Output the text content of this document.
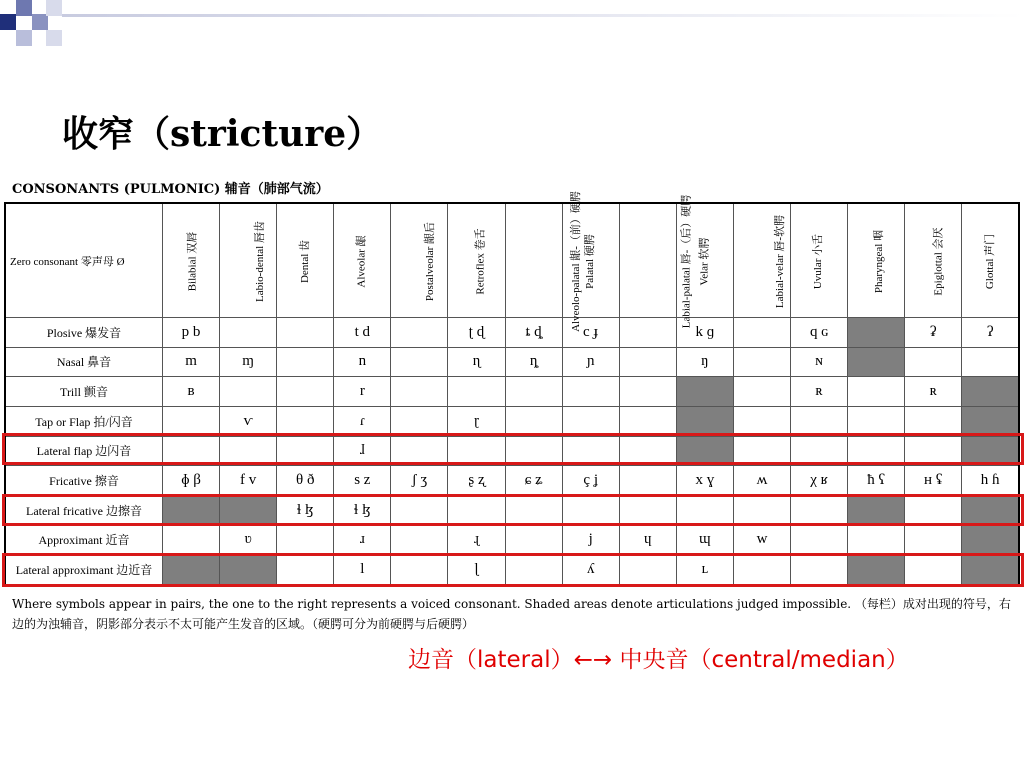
收窄（stricture）
CONSONANTS (PULMONIC) 辅音（肺部气流）
Zero consonant 零声母 Ø	Bilabial 双唇	Labio-dental 唇齿	Dental 齿	Alveolar 龈	Postalveolar 龈后	Retroflex 卷舌	Alveolo-palatal 龈-（前）硬腭	Palatal 硬腭	Labial-palatal 唇-（后）硬腭	Velar 软腭	Labial-velar 唇-软腭	Uvular 小舌	Pharyngeal 咽	Epiglottal 会厌	Glottal 声门
Plosive 爆发音	p b			t d		ʈ ɖ	ȶ ȡ	c ɟ		k ɡ		q ɢ		ʡ	ʔ
Nasal 鼻音	m	ɱ		n		ɳ	ȵ	ɲ		ŋ		ɴ			
Trill 颤音	ʙ			r								ʀ		ʀ	
Tap or Flap 拍/闪音		ⱱ		ɾ		ɽ									
Lateral flap 边闪音				ɺ											
Fricative 擦音	ɸ β	f v	θ ð	s z	ʃ ʒ	ʂ ʐ	ɕ ʑ	ç ʝ		x ɣ	ʍ	χ ʁ	ħ ʕ	ʜ ʢ	h ɦ
Lateral fricative 边擦音			ɬ ɮ	ɬ ɮ											
Approximant 近音		ʋ		ɹ		ɻ		j	ɥ	ɰ	w				
Lateral approximant 边近音				l		ɭ		ʎ		ʟ					
Where symbols appear in pairs, the one to the right represents a voiced consonant. Shaded areas denote articulations judged impossible. （每栏）成对出现的符号，右边的为浊辅音，阴影部分表示不太可能产生发音的区域。（硬腭可分为前硬腭与后硬腭）
边音（lateral）←→ 中央音（central/median）
